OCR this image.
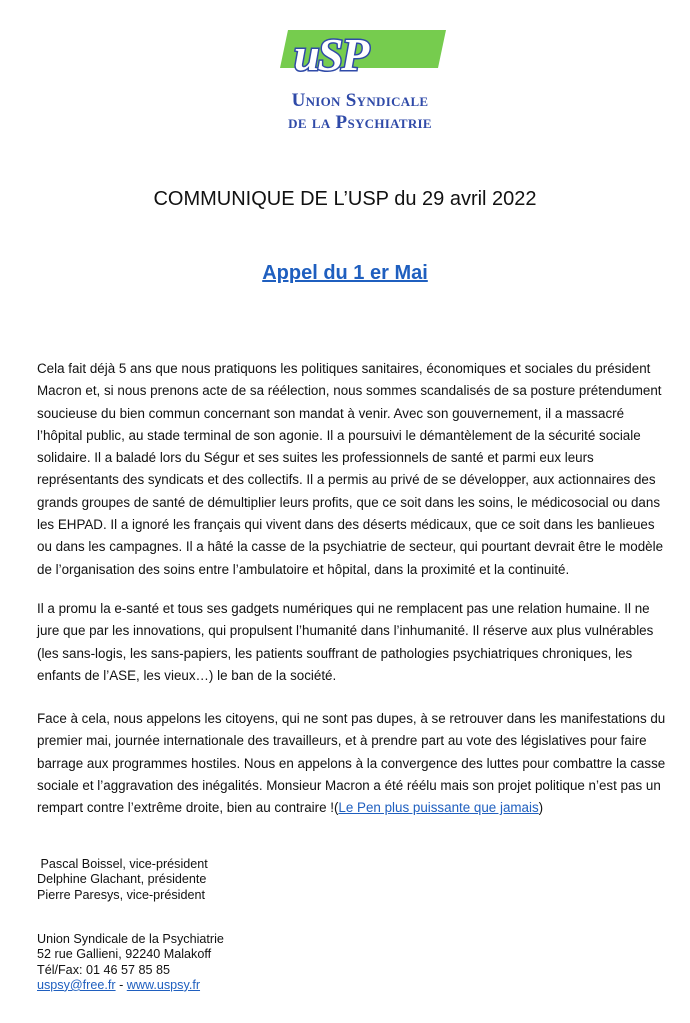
uSP
Union Syndicale
de la Psychiatrie
COMMUNIQUE DE L’USP du 29 avril 2022
Appel du 1 er Mai

Cela fait déjà 5 ans que nous pratiquons les politiques sanitaires, économiques et sociales du président Macron et, si nous prenons acte de sa réélection, nous sommes scandalisés de sa posture prétendument soucieuse du bien commun concernant son mandat à venir. Avec son gouvernement, il a massacré l’hôpital public, au stade terminal de son agonie. Il a poursuivi le démantèlement de la sécurité sociale solidaire. Il a baladé lors du Ségur et ses suites les professionnels de santé et parmi eux leurs représentants des syndicats et des collectifs. Il a permis au privé de se développer, aux actionnaires des grands groupes de santé de démultiplier leurs profits, que ce soit dans les soins, le médicosocial ou dans les EHPAD. Il a ignoré les français qui vivent dans des déserts médicaux, que ce soit dans les banlieues ou dans les campagnes. Il a hâté la casse de la psychiatrie de secteur, qui pourtant devrait être le modèle de l’organisation des soins entre l’ambulatoire et hôpital, dans la proximité et la continuité.

Il a promu la e-santé et tous ses gadgets numériques qui ne remplacent pas une relation humaine. Il ne jure que par les innovations, qui propulsent l’humanité dans l’inhumanité. Il réserve aux plus vulnérables (les sans-logis, les sans-papiers, les patients souffrant de pathologies psychiatriques chroniques, les enfants de l’ASE, les vieux…) le ban de la société.

Face à cela, nous appelons les citoyens, qui ne sont pas dupes, à se retrouver dans les manifestations du premier mai, journée internationale des travailleurs, et à prendre part au vote des législatives pour faire barrage aux programmes hostiles. Nous en appelons à la convergence des luttes pour combattre la casse sociale et l’aggravation des inégalités. Monsieur Macron a été réélu mais son projet politique n’est pas un rempart contre l’extrême droite, bien au contraire !(Le Pen plus puissante que jamais)

Pascal Boissel, vice-président
Delphine Glachant, présidente
Pierre Paresys, vice-président
Union Syndicale de la Psychiatrie
52 rue Gallieni, 92240 Malakoff
Tél/Fax: 01 46 57 85 85
uspsy@free.fr - www.uspsy.fr
